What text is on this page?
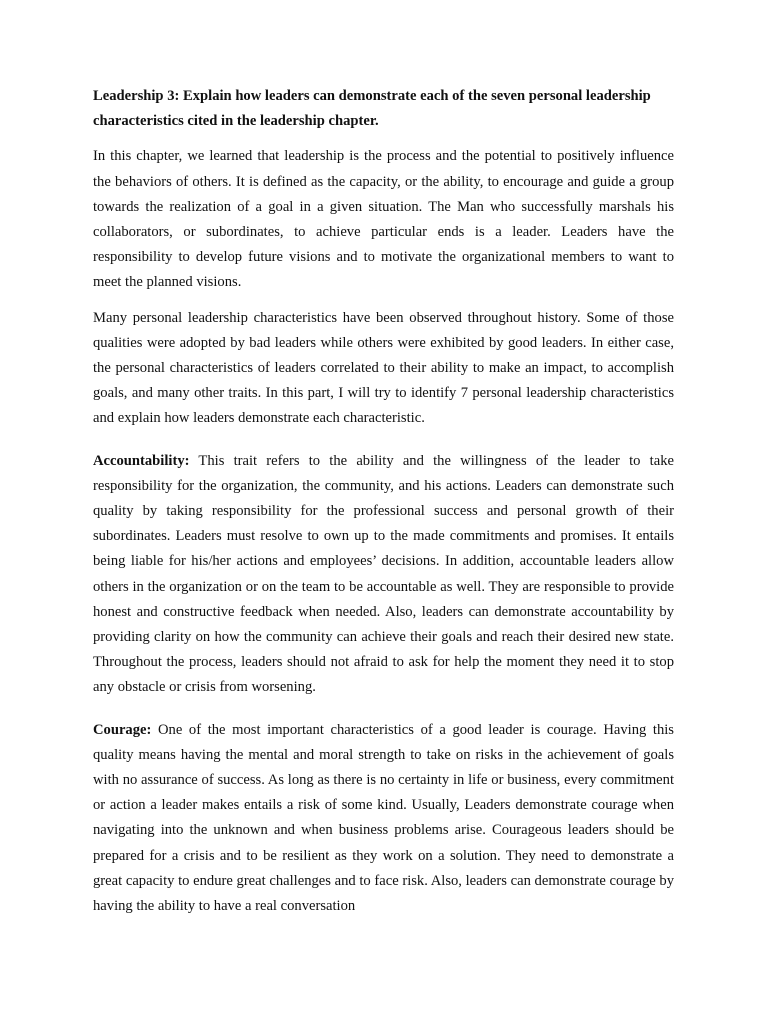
Leadership 3: Explain how leaders can demonstrate each of the seven personal leadership characteristics cited in the leadership chapter.

In this chapter, we learned that leadership is the process and the potential to positively influence the behaviors of others. It is defined as the capacity, or the ability, to encourage and guide a group towards the realization of a goal in a given situation. The Man who successfully marshals his collaborators, or subordinates, to achieve particular ends is a leader. Leaders have the responsibility to develop future visions and to motivate the organizational members to want to meet the planned visions.

Many personal leadership characteristics have been observed throughout history. Some of those qualities were adopted by bad leaders while others were exhibited by good leaders. In either case, the personal characteristics of leaders correlated to their ability to make an impact, to accomplish goals, and many other traits. In this part, I will try to identify 7 personal leadership characteristics and explain how leaders demonstrate each characteristic.

Accountability: This trait refers to the ability and the willingness of the leader to take responsibility for the organization, the community, and his actions. Leaders can demonstrate such quality by taking responsibility for the professional success and personal growth of their subordinates. Leaders must resolve to own up to the made commitments and promises. It entails being liable for his/her actions and employees’ decisions. In addition, accountable leaders allow others in the organization or on the team to be accountable as well. They are responsible to provide honest and constructive feedback when needed. Also, leaders can demonstrate accountability by providing clarity on how the community can achieve their goals and reach their desired new state. Throughout the process, leaders should not afraid to ask for help the moment they need it to stop any obstacle or crisis from worsening.

Courage: One of the most important characteristics of a good leader is courage. Having this quality means having the mental and moral strength to take on risks in the achievement of goals with no assurance of success. As long as there is no certainty in life or business, every commitment or action a leader makes entails a risk of some kind. Usually, Leaders demonstrate courage when navigating into the unknown and when business problems arise. Courageous leaders should be prepared for a crisis and to be resilient as they work on a solution. They need to demonstrate a great capacity to endure great challenges and to face risk. Also, leaders can demonstrate courage by having the ability to have a real conversation
